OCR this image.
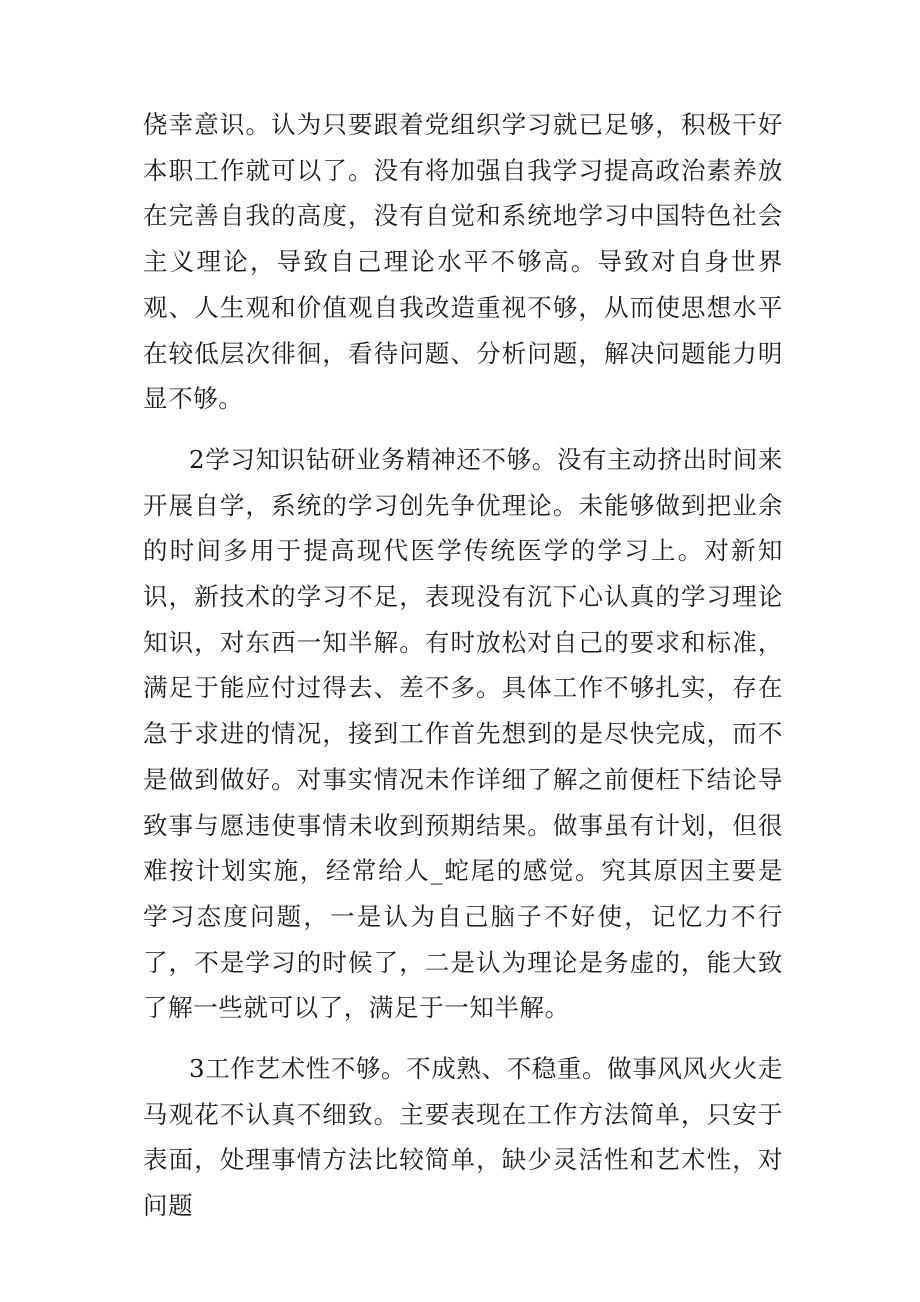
侥幸意识。认为只要跟着党组织学习就已足够，积极干好本职工作就可以了。没有将加强自我学习提高政治素养放在完善自我的高度，没有自觉和系统地学习中国特色社会主义理论，导致自己理论水平不够高。导致对自身世界观、人生观和价值观自我改造重视不够，从而使思想水平在较低层次徘徊，看待问题、分析问题，解决问题能力明显不够。

2学习知识钻研业务精神还不够。没有主动挤出时间来开展自学，系统的学习创先争优理论。未能够做到把业余的时间多用于提高现代医学传统医学的学习上。对新知识，新技术的学习不足，表现没有沉下心认真的学习理论知识，对东西一知半解。有时放松对自己的要求和标准，满足于能应付过得去、差不多。具体工作不够扎实，存在急于求进的情况，接到工作首先想到的是尽快完成，而不是做到做好。对事实情况未作详细了解之前便枉下结论导致事与愿违使事情未收到预期结果。做事虽有计划，但很难按计划实施，经常给人_蛇尾的感觉。究其原因主要是学习态度问题，一是认为自己脑子不好使，记忆力不行了，不是学习的时候了，二是认为理论是务虚的，能大致了解一些就可以了，满足于一知半解。

3工作艺术性不够。不成熟、不稳重。做事风风火火走马观花不认真不细致。主要表现在工作方法简单，只安于表面，处理事情方法比较简单，缺少灵活性和艺术性，对问题
